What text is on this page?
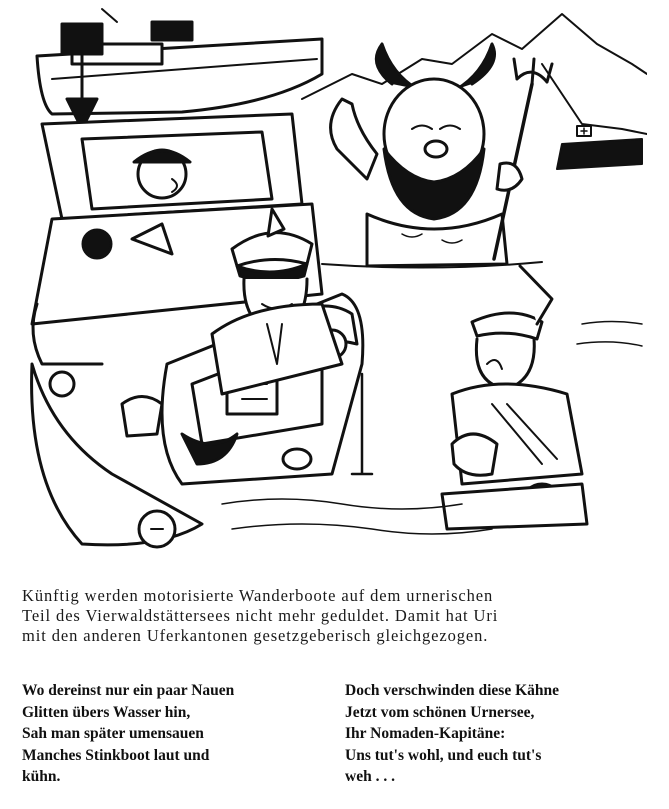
Künftig werden motorisierte Wanderboote auf dem urnerischen
Teil des Vierwaldstättersees nicht mehr geduldet. Damit hat Uri
mit den anderen Uferkantonen gesetzgeberisch gleichgezogen.
Wo dereinst nur ein paar Nauen
Glitten übers Wasser hin,
Sah man später umensauen
Manches Stinkboot laut und
kühn.
Doch verschwinden diese Kähne
Jetzt vom schönen Urnersee,
Ihr Nomaden-Kapitäne:
Uns tut's wohl, und euch tut's
weh . . .
